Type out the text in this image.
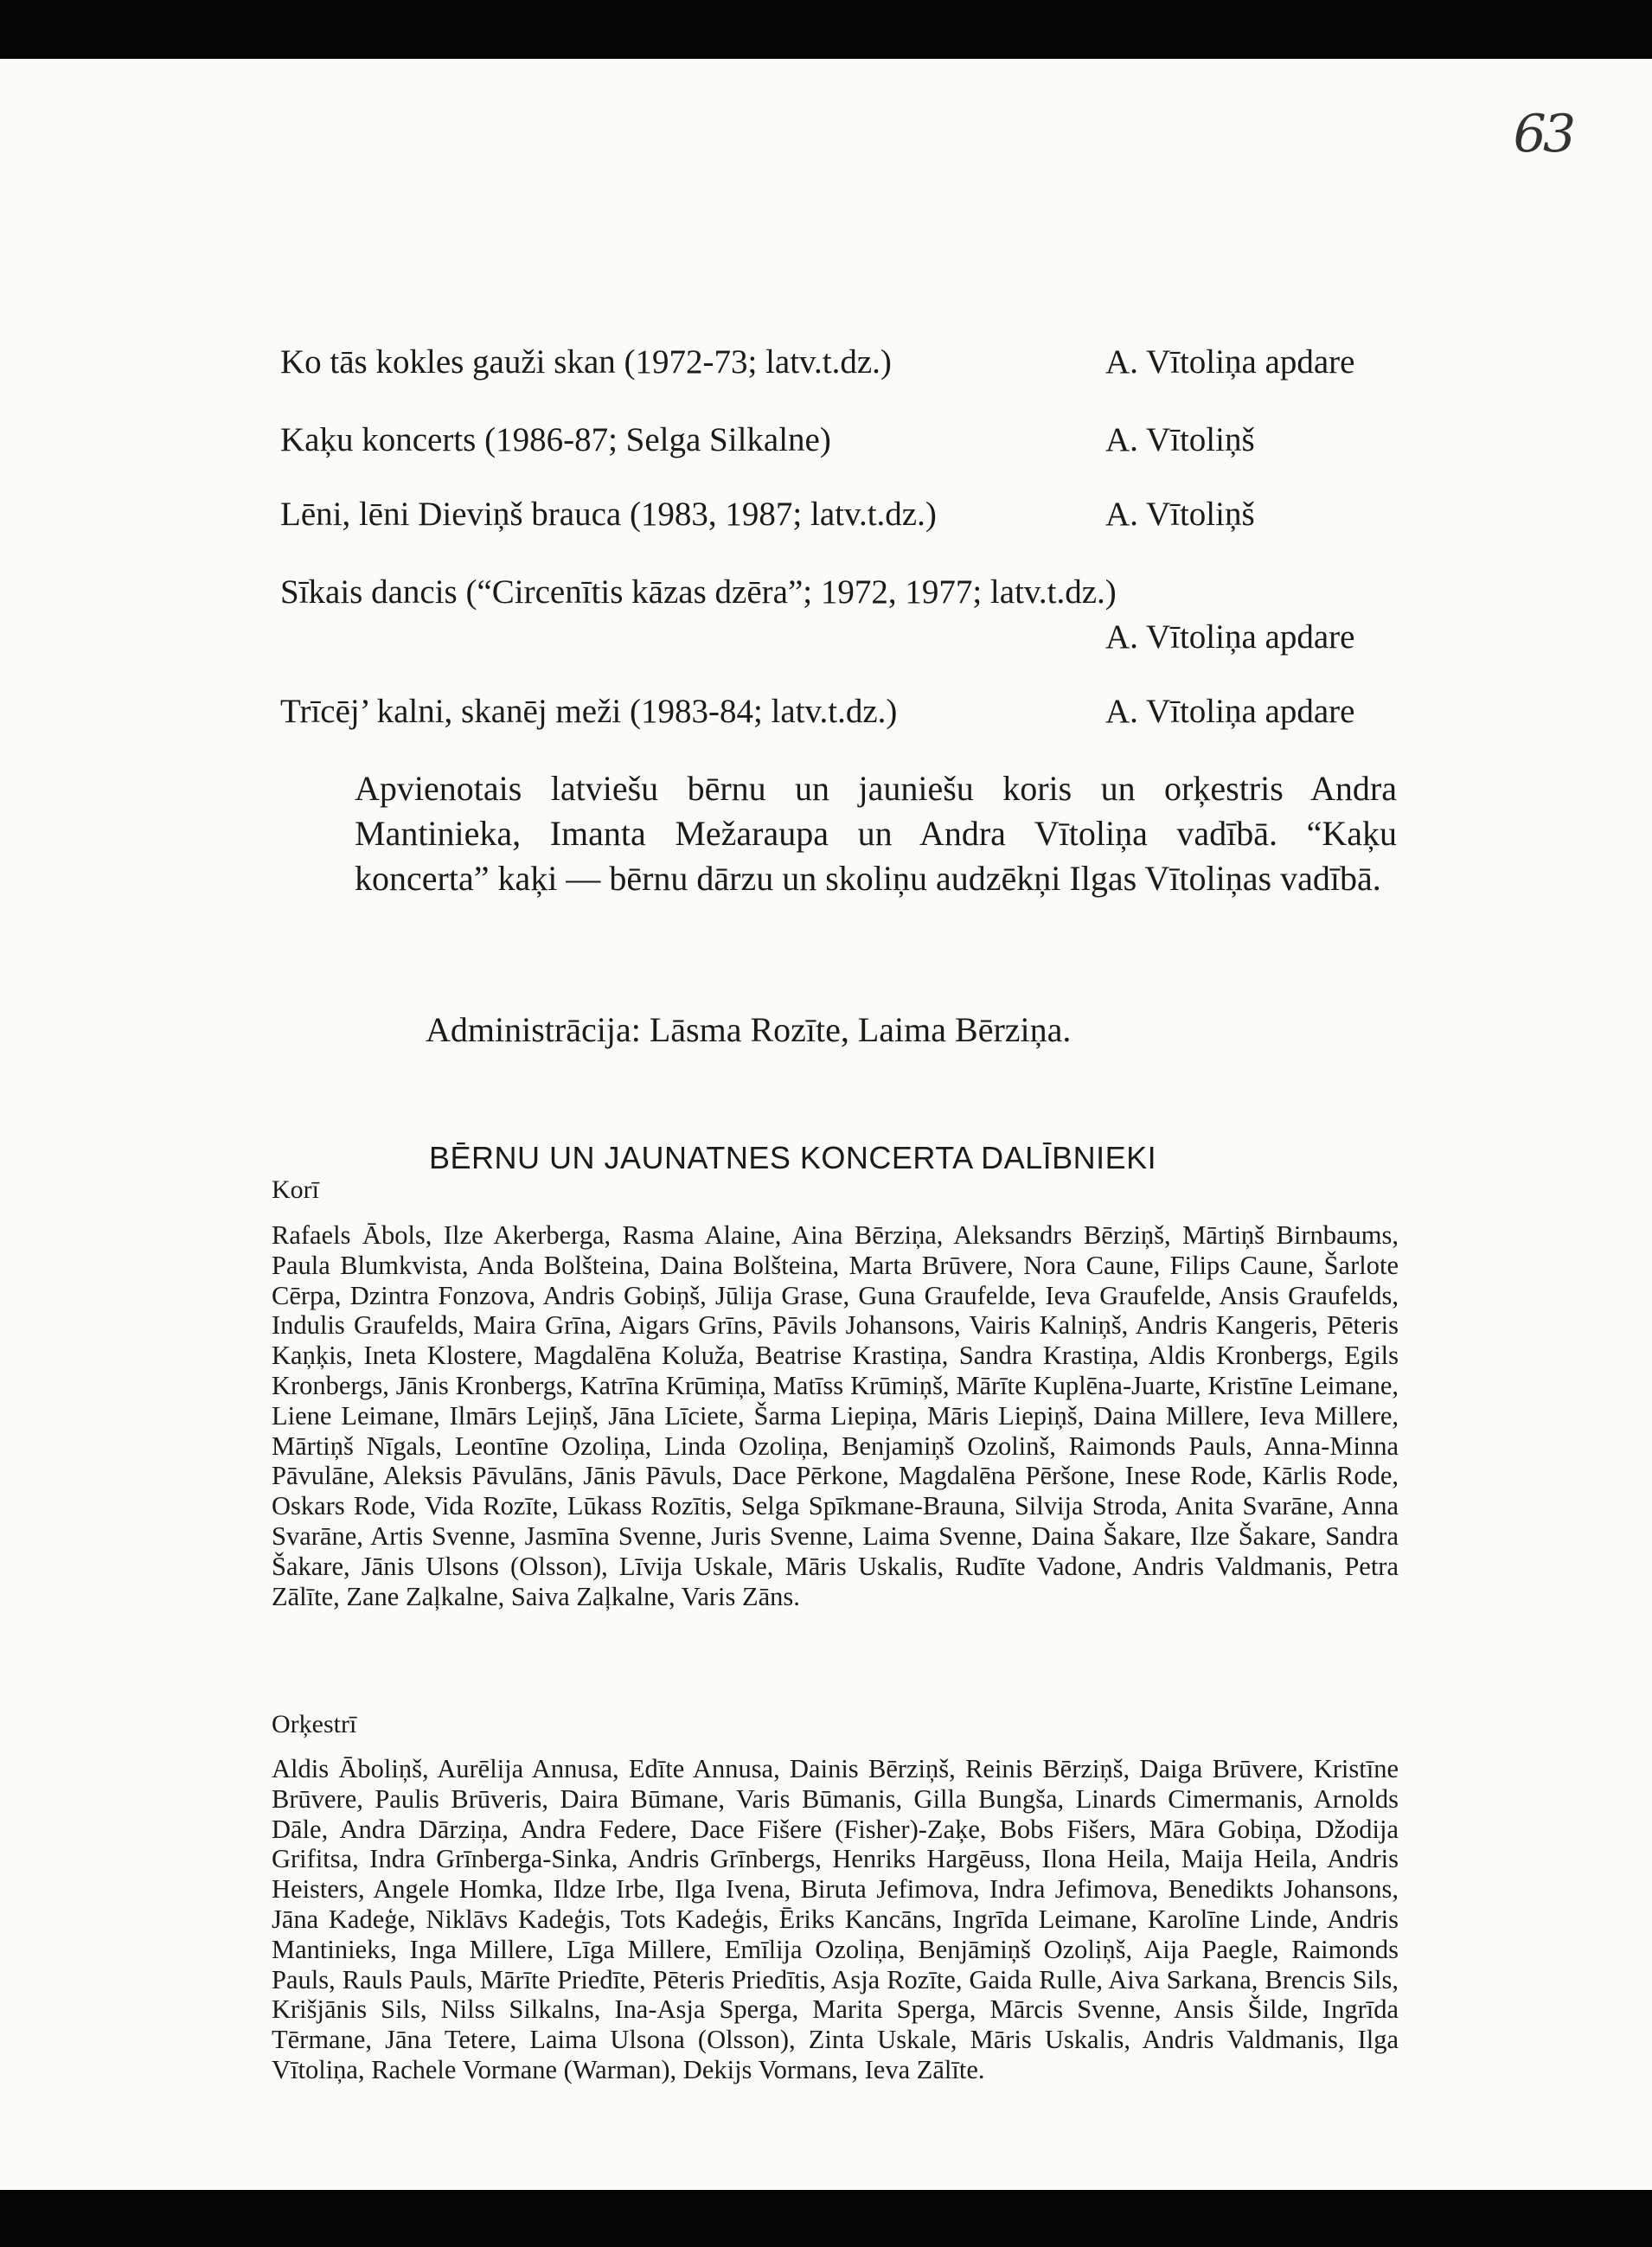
63
Ko tās kokles gauži skan (1972-73; latv.t.dz.)	A. Vītoliņa apdare
Kaķu koncerts (1986-87; Selga Silkalne)	A. Vītoliņš
Lēni, lēni Dieviņš brauca (1983, 1987; latv.t.dz.)	A. Vītoliņš
Sīkais dancis (“Circenītis kāzas dzēra”; 1972, 1977; latv.t.dz.)
A. Vītoliņa apdare
Trīcēj’ kalni, skanēj meži (1983-84; latv.t.dz.)	A. Vītoliņa apdare

Apvienotais latviešu bērnu un jauniešu koris un orķestris Andra Mantinieka, Imanta Mežaraupa un Andra Vītoliņa vadībā. “Kaķu koncerta” kaķi — bērnu dārzu un skoliņu audzēkņi Ilgas Vītoliņas vadībā.

Administrācija: Lāsma Rozīte, Laima Bērziņa.
BĒRNU UN JAUNATNES KONCERTA DALĪBNIEKI
Korī

Rafaels Ābols, Ilze Akerberga, Rasma Alaine, Aina Bērziņa, Aleksandrs Bērziņš, Mārtiņš Birnbaums, Paula Blumkvista, Anda Bolšteina, Daina Bolšteina, Marta Brūvere, Nora Caune, Filips Caune, Šarlote Cērpa, Dzintra Fonzova, Andris Gobiņš, Jūlija Grase, Guna Graufelde, Ieva Graufelde, Ansis Graufelds, Indulis Graufelds, Maira Grīna, Aigars Grīns, Pāvils Johansons, Vairis Kalniņš, Andris Kangeris, Pēteris Kaņķis, Ineta Klostere, Magdalēna Koluža, Beatrise Krastiņa, Sandra Krastiņa, Aldis Kronbergs, Egils Kronbergs, Jānis Kronbergs, Katrīna Krūmiņa, Matīss Krūmiņš, Mārīte Kuplēna-Juarte, Kristīne Leimane, Liene Leimane, Ilmārs Lejiņš, Jāna Līciete, Šarma Liepiņa, Māris Liepiņš, Daina Millere, Ieva Millere, Mārtiņš Nīgals, Leontīne Ozoliņa, Linda Ozoliņa, Benjamiņš Ozolinš, Raimonds Pauls, Anna-Minna Pāvulāne, Aleksis Pāvulāns, Jānis Pāvuls, Dace Pērkone, Magdalēna Pēršone, Inese Rode, Kārlis Rode, Oskars Rode, Vida Rozīte, Lūkass Rozītis, Selga Spīkmane-Brauna, Silvija Stroda, Anita Svarāne, Anna Svarāne, Artis Svenne, Jasmīna Svenne, Juris Svenne, Laima Svenne, Daina Šakare, Ilze Šakare, Sandra Šakare, Jānis Ulsons (Olsson), Līvija Uskale, Māris Uskalis, Rudīte Vadone, Andris Valdmanis, Petra Zālīte, Zane Zaļkalne, Saiva Zaļkalne, Varis Zāns.

Orķestrī

Aldis Āboliņš, Aurēlija Annusa, Edīte Annusa, Dainis Bērziņš, Reinis Bērziņš, Daiga Brūvere, Kristīne Brūvere, Paulis Brūveris, Daira Būmane, Varis Būmanis, Gilla Bungša, Linards Cimermanis, Arnolds Dāle, Andra Dārziņa, Andra Federe, Dace Fišere (Fisher)-Zaķe, Bobs Fišers, Māra Gobiņa, Džodija Grifitsa, Indra Grīnberga-Sinka, Andris Grīnbergs, Henriks Hargēuss, Ilona Heila, Maija Heila, Andris Heisters, Angele Homka, Ildze Irbe, Ilga Ivena, Biruta Jefimova, Indra Jefimova, Benedikts Johansons, Jāna Kadeģe, Niklāvs Kadeģis, Tots Kadeģis, Ēriks Kancāns, Ingrīda Leimane, Karolīne Linde, Andris Mantinieks, Inga Millere, Līga Millere, Emīlija Ozoliņa, Benjāmiņš Ozoliņš, Aija Paegle, Raimonds Pauls, Rauls Pauls, Mārīte Priedīte, Pēteris Priedītis, Asja Rozīte, Gaida Rulle, Aiva Sarkana, Brencis Sils, Krišjānis Sils, Nilss Silkalns, Ina-Asja Sperga, Marita Sperga, Mārcis Svenne, Ansis Šilde, Ingrīda Tērmane, Jāna Tetere, Laima Ulsona (Olsson), Zinta Uskale, Māris Uskalis, Andris Valdmanis, Ilga Vītoliņa, Rachele Vormane (Warman), Dekijs Vormans, Ieva Zālīte.
